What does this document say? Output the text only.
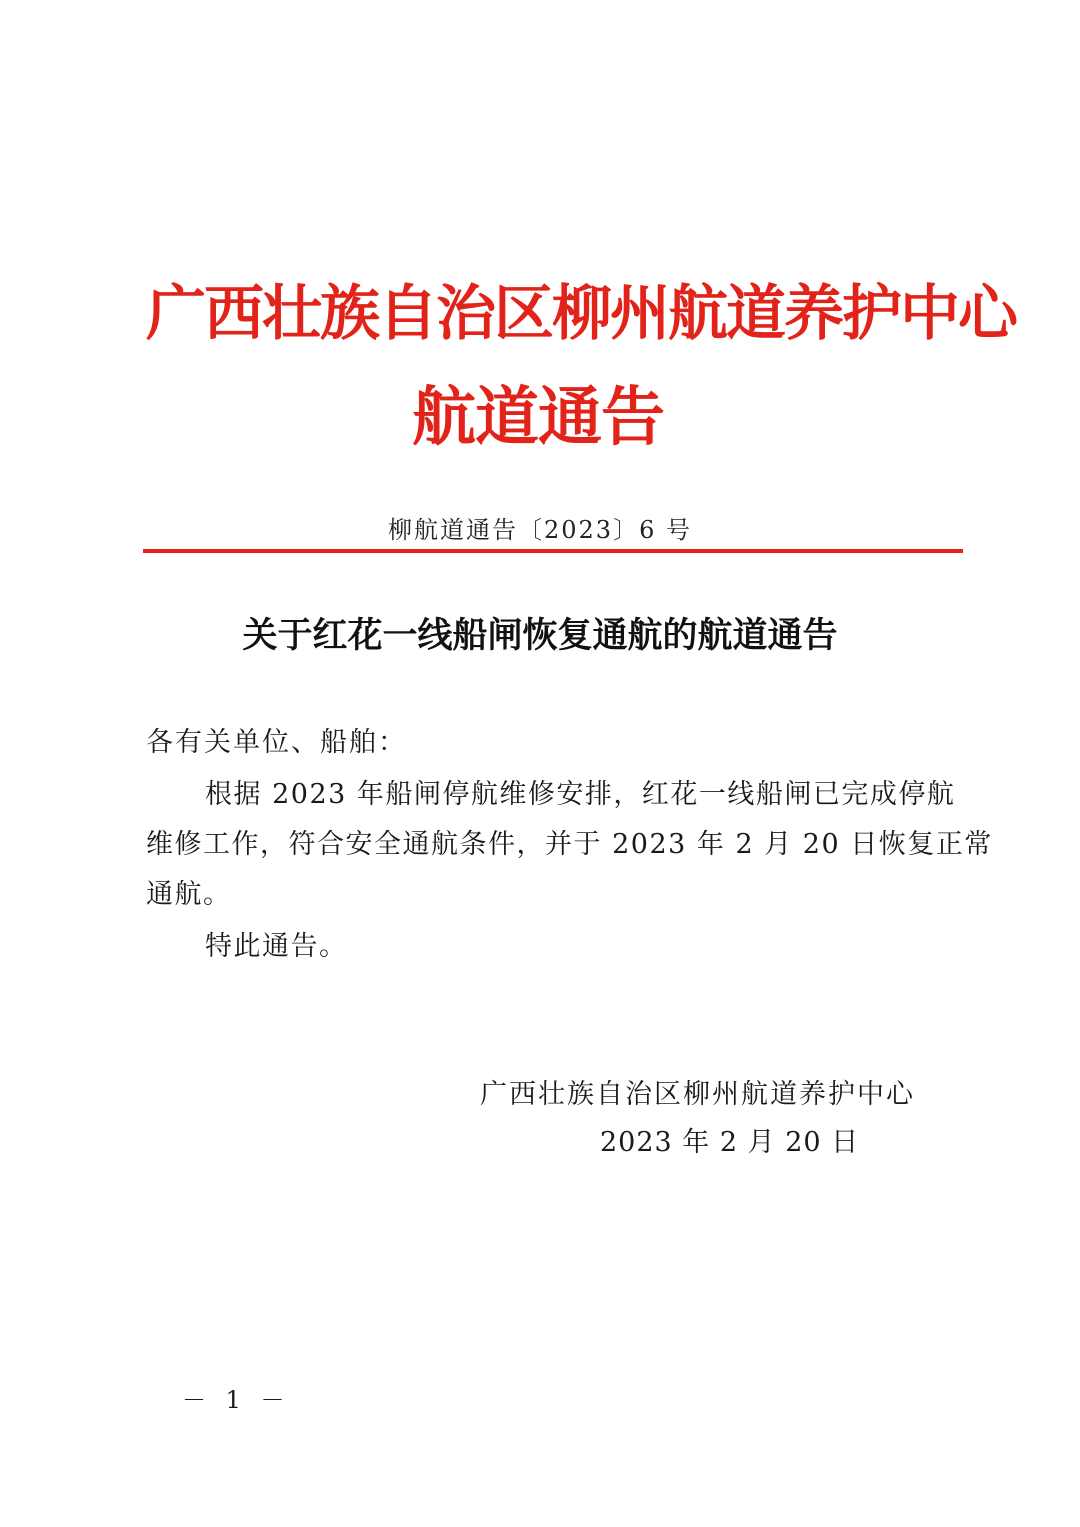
广西壮族自治区柳州航道养护中心
航道通告
柳航道通告〔2023〕6 号
关于红花一线船闸恢复通航的航道通告
各有关单位、船舶：
根据 2023 年船闸停航维修安排，红花一线船闸已完成停航
维修工作，符合安全通航条件，并于 2023 年 2 月 20 日恢复正常
通航。
特此通告。
广西壮族自治区柳州航道养护中心
2023 年 2 月 20 日
－ 1 －
